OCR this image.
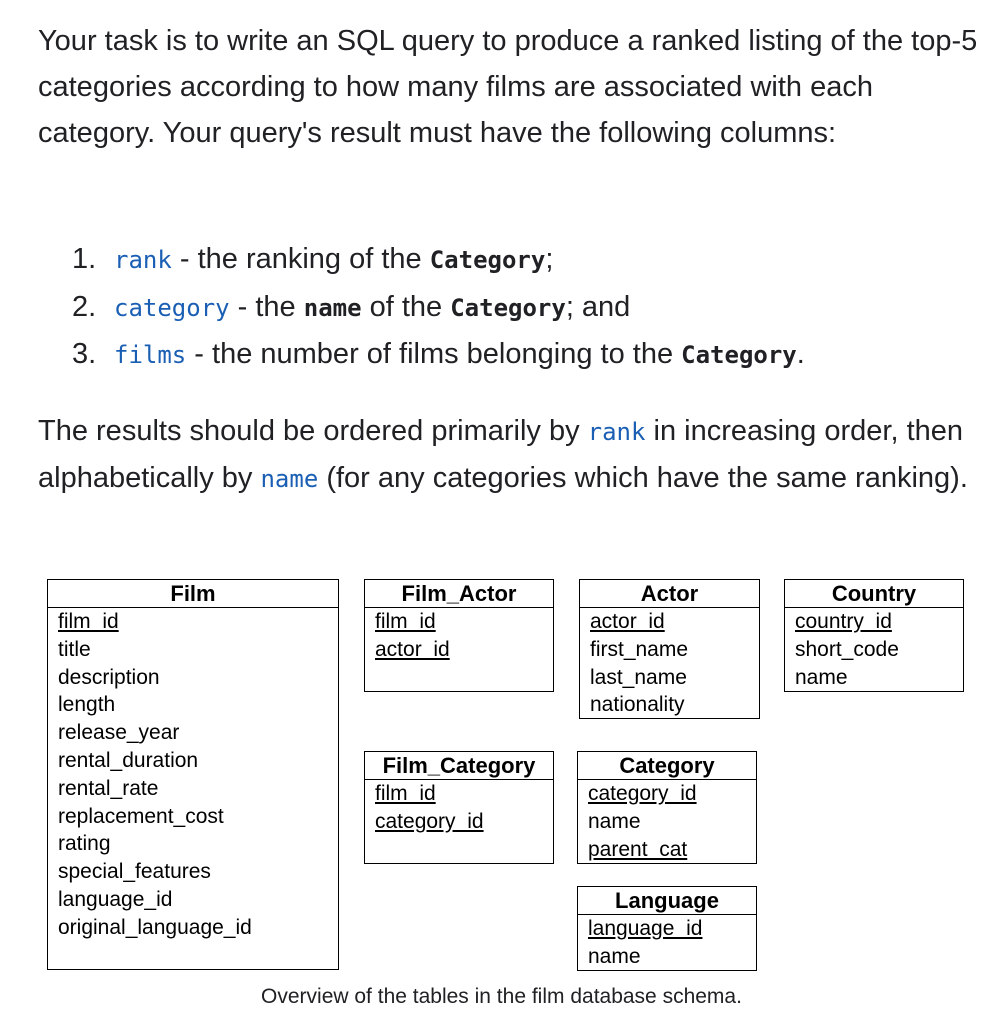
Your task is to write an SQL query to produce a ranked listing of the top-5 categories according to how many films are associated with each category. Your query's result must have the following columns:

1. rank - the ranking of the Category;
2. category - the name of the Category; and
3. films - the number of films belonging to the Category.

The results should be ordered primarily by rank in increasing order, then alphabetically by name (for any categories which have the same ranking).

Film
film_id
title
description
length
release_year
rental_duration
rental_rate
replacement_cost
rating
special_features
language_id
original_language_id
Film_Actor
film_id
actor_id
Actor
actor_id
first_name
last_name
nationality
Country
country_id
short_code
name
Film_Category
film_id
category_id
Category
category_id
name
parent_cat
Language
language_id
name

Overview of the tables in the film database schema.
